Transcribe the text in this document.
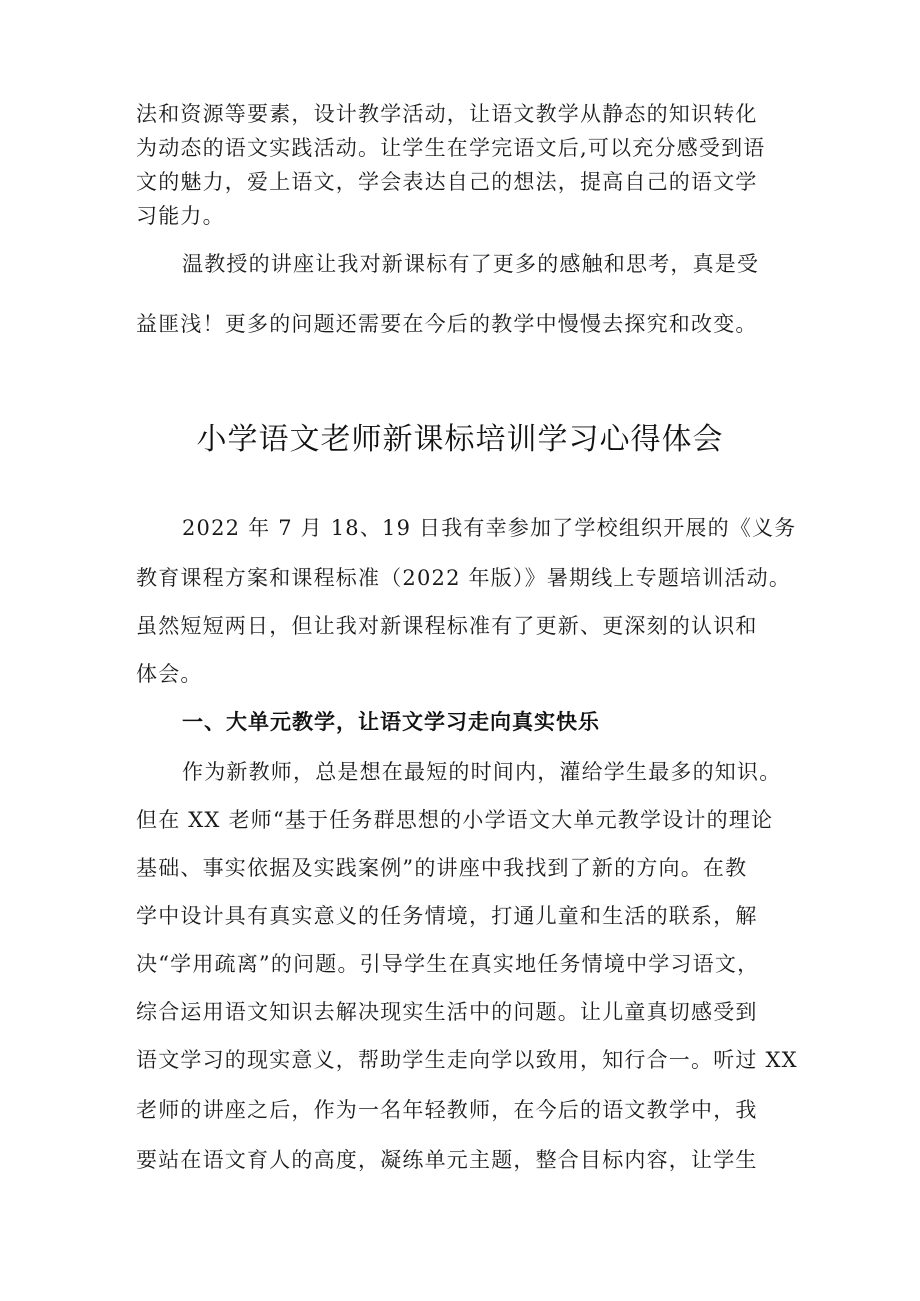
法和资源等要素，设计教学活动，让语文教学从静态的知识转化
为动态的语文实践活动。让学生在学完语文后,可以充分感受到语
文的魅力，爱上语文，学会表达自己的想法，提高自己的语文学
习能力。
温教授的讲座让我对新课标有了更多的感触和思考，真是受
益匪浅！更多的问题还需要在今后的教学中慢慢去探究和改变。
小学语文老师新课标培训学习心得体会
2022 年 7 月 18、19 日我有幸参加了学校组织开展的《义务
教育课程方案和课程标准（2022 年版）》暑期线上专题培训活动。
虽然短短两日，但让我对新课程标准有了更新、更深刻的认识和
体会。
一、大单元教学，让语文学习走向真实快乐
作为新教师，总是想在最短的时间内，灌给学生最多的知识。
但在 XX 老师“基于任务群思想的小学语文大单元教学设计的理论
基础、事实依据及实践案例”的讲座中我找到了新的方向。在教
学中设计具有真实意义的任务情境，打通儿童和生活的联系，解
决“学用疏离”的问题。引导学生在真实地任务情境中学习语文，
综合运用语文知识去解决现实生活中的问题。让儿童真切感受到
语文学习的现实意义，帮助学生走向学以致用，知行合一。听过 XX
老师的讲座之后，作为一名年轻教师，在今后的语文教学中，我
要站在语文育人的高度，凝练单元主题，整合目标内容，让学生
